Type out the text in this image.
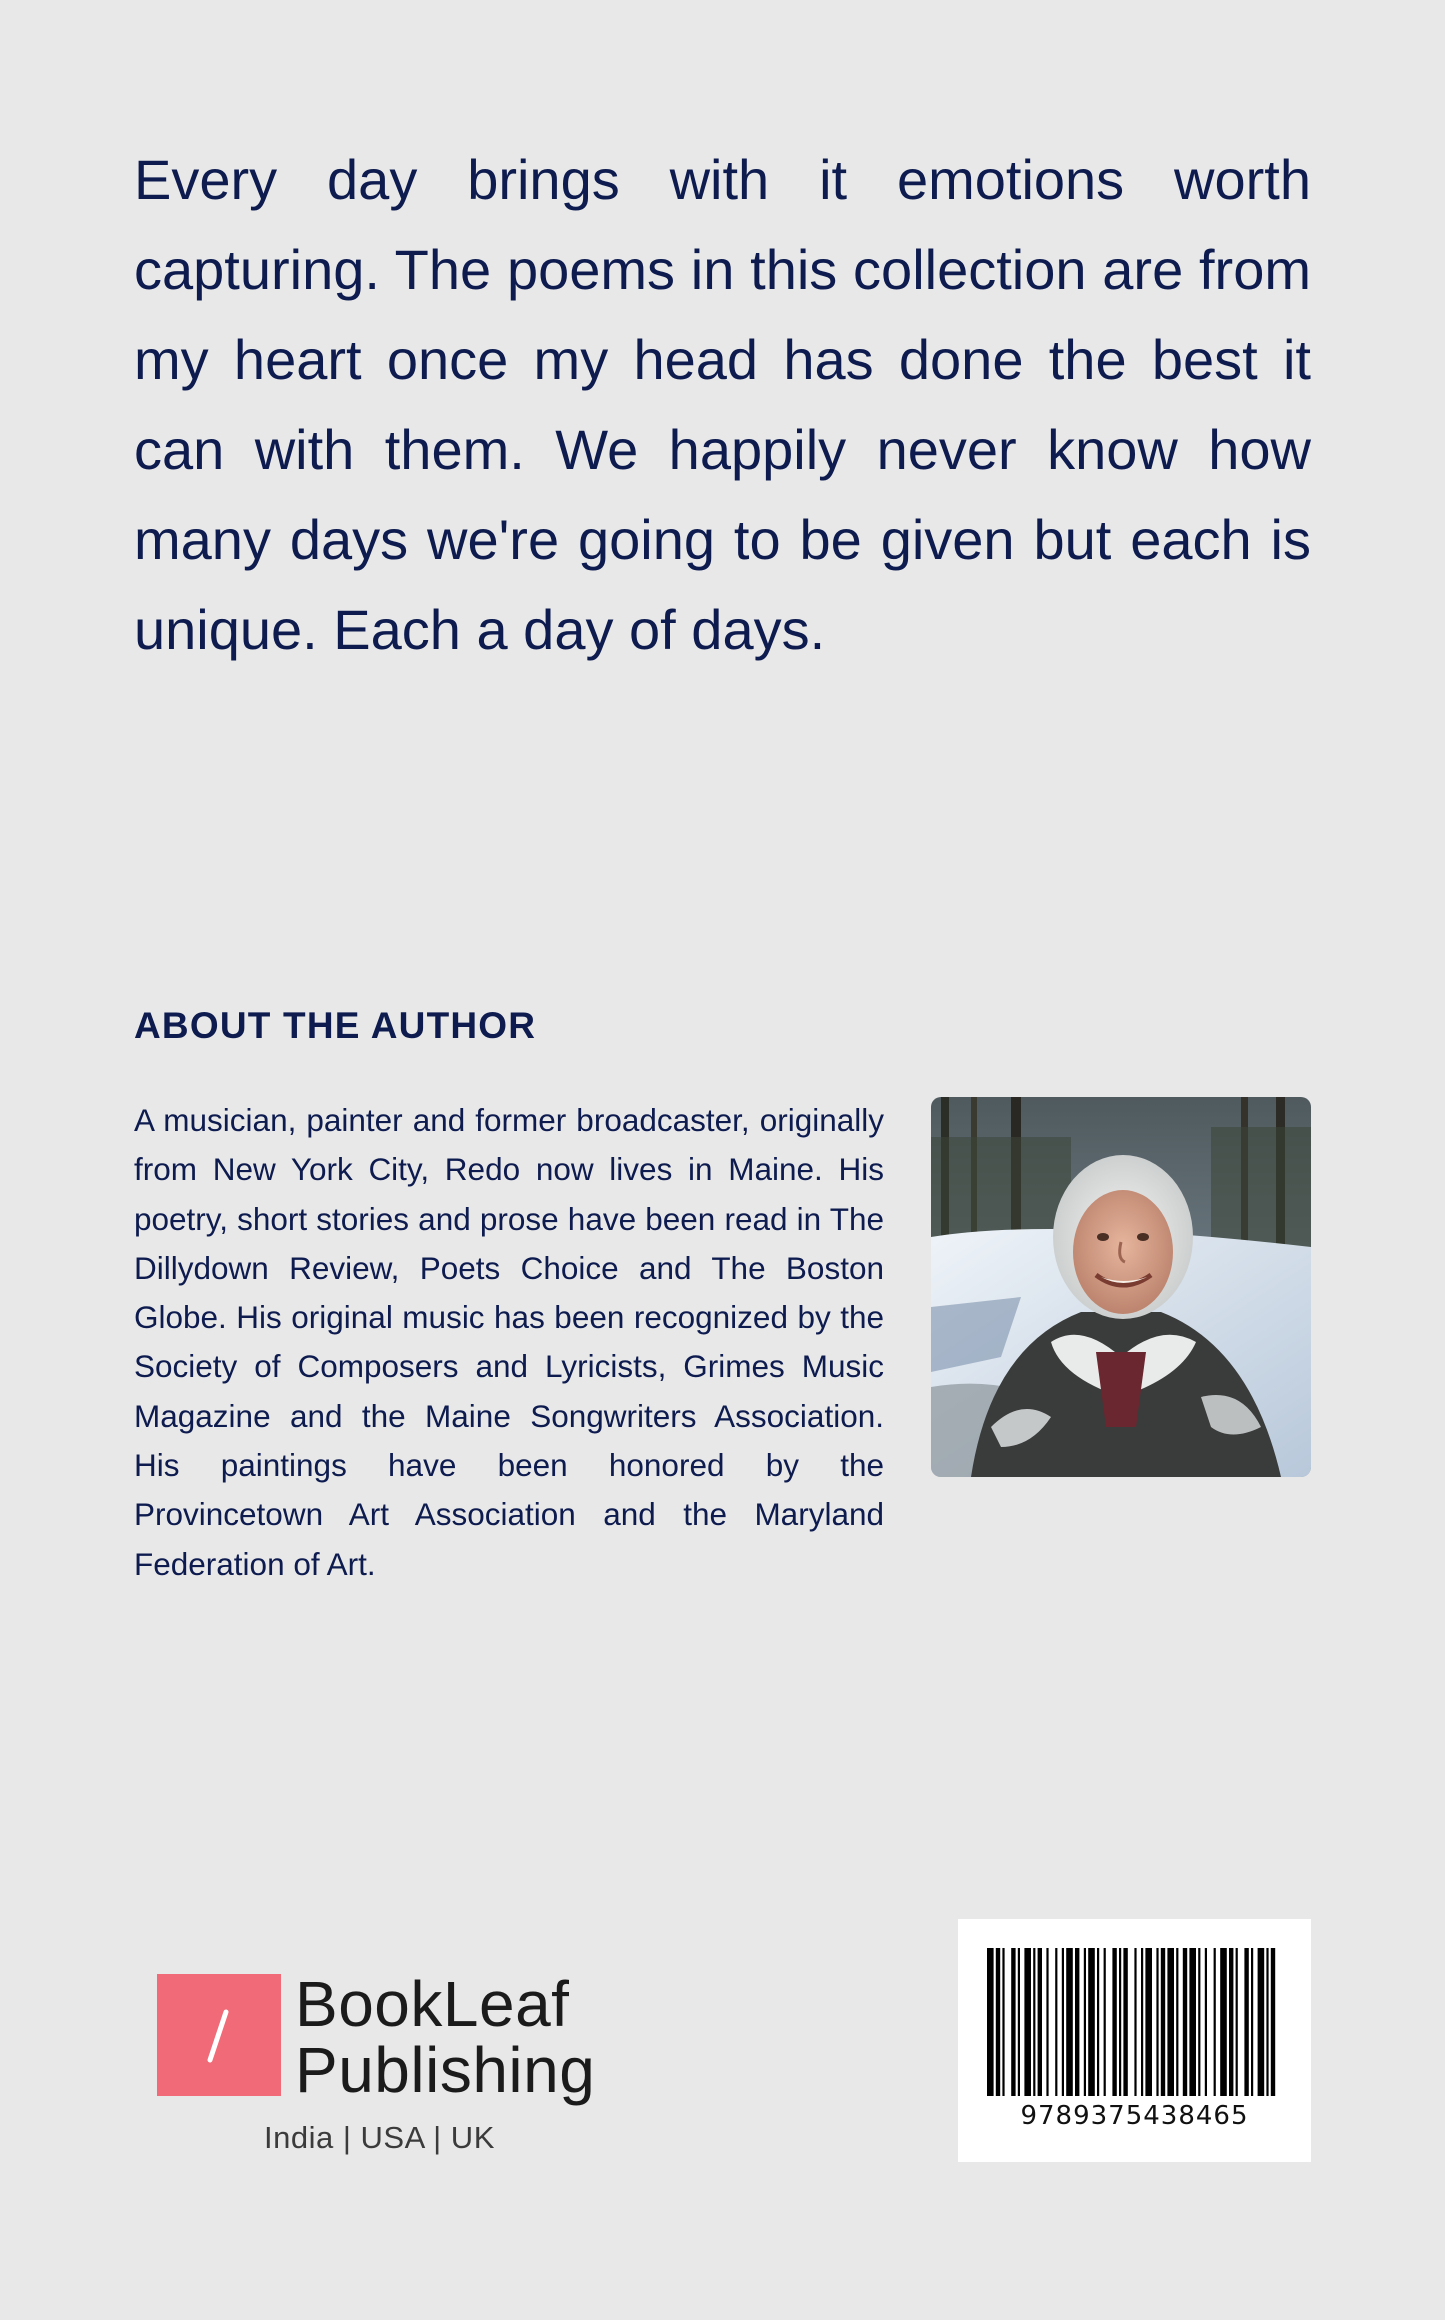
Every day brings with it emotions worth capturing. The poems in this collection are from my heart once my head has done the best it can with them. We happily never know how many days we're going to be given but each is unique. Each a day of days.

ABOUT THE AUTHOR

A musician, painter and former broadcaster, originally from New York City, Redo now lives in Maine. His poetry, short stories and prose have been read in The Dillydown Review, Poets Choice and The Boston Globe. His original music has been recognized by the Society of Composers and Lyricists, Grimes Music Magazine and the Maine Songwriters Association. His paintings have been honored by the Provincetown Art Association and the Maryland Federation of Art.

BookLeaf
Publishing
India | USA | UK
9789375438465
